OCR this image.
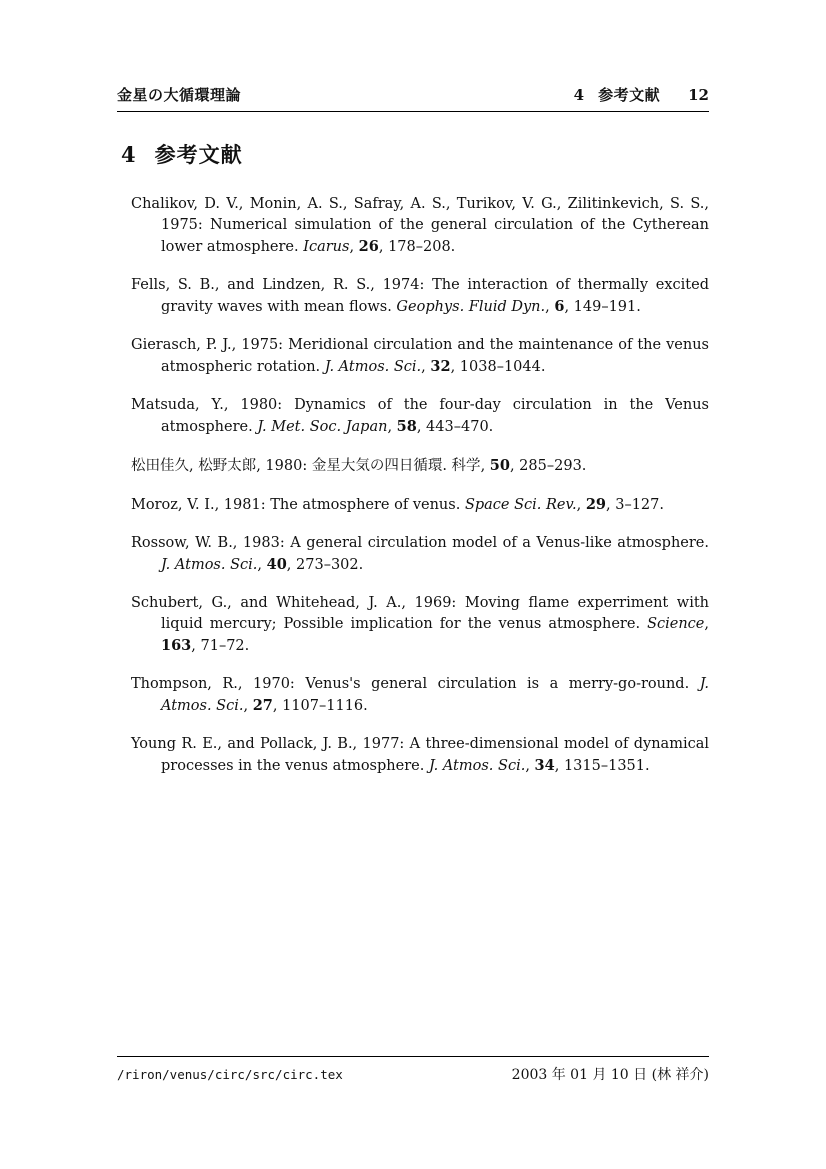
金星の大循環理論	4 参考文献 12
4 参考文献

Chalikov, D. V., Monin, A. S., Safray, A. S., Turikov, V. G., Zilitinkevich, S. S., 1975: Numerical simulation of the general circulation of the Cytherean lower atmosphere. Icarus, 26, 178–208.

Fells, S. B., and Lindzen, R. S., 1974: The interaction of thermally excited gravity waves with mean flows. Geophys. Fluid Dyn., 6, 149–191.

Gierasch, P. J., 1975: Meridional circulation and the maintenance of the venus atmospheric rotation. J. Atmos. Sci., 32, 1038–1044.

Matsuda, Y., 1980: Dynamics of the four-day circulation in the Venus atmosphere. J. Met. Soc. Japan, 58, 443–470.

松田佳久, 松野太郎, 1980: 金星大気の四日循環. 科学, 50, 285–293.

Moroz, V. I., 1981: The atmosphere of venus. Space Sci. Rev., 29, 3–127.

Rossow, W. B., 1983: A general circulation model of a Venus-like atmosphere. J. Atmos. Sci., 40, 273–302.

Schubert, G., and Whitehead, J. A., 1969: Moving flame experriment with liquid mercury; Possible implication for the venus atmosphere. Science, 163, 71–72.

Thompson, R., 1970: Venus's general circulation is a merry-go-round. J. Atmos. Sci., 27, 1107–1116.

Young R. E., and Pollack, J. B., 1977: A three-dimensional model of dynamical processes in the venus atmosphere. J. Atmos. Sci., 34, 1315–1351.

/riron/venus/circ/src/circ.tex	2003 年 01 月 10 日 (林 祥介)
